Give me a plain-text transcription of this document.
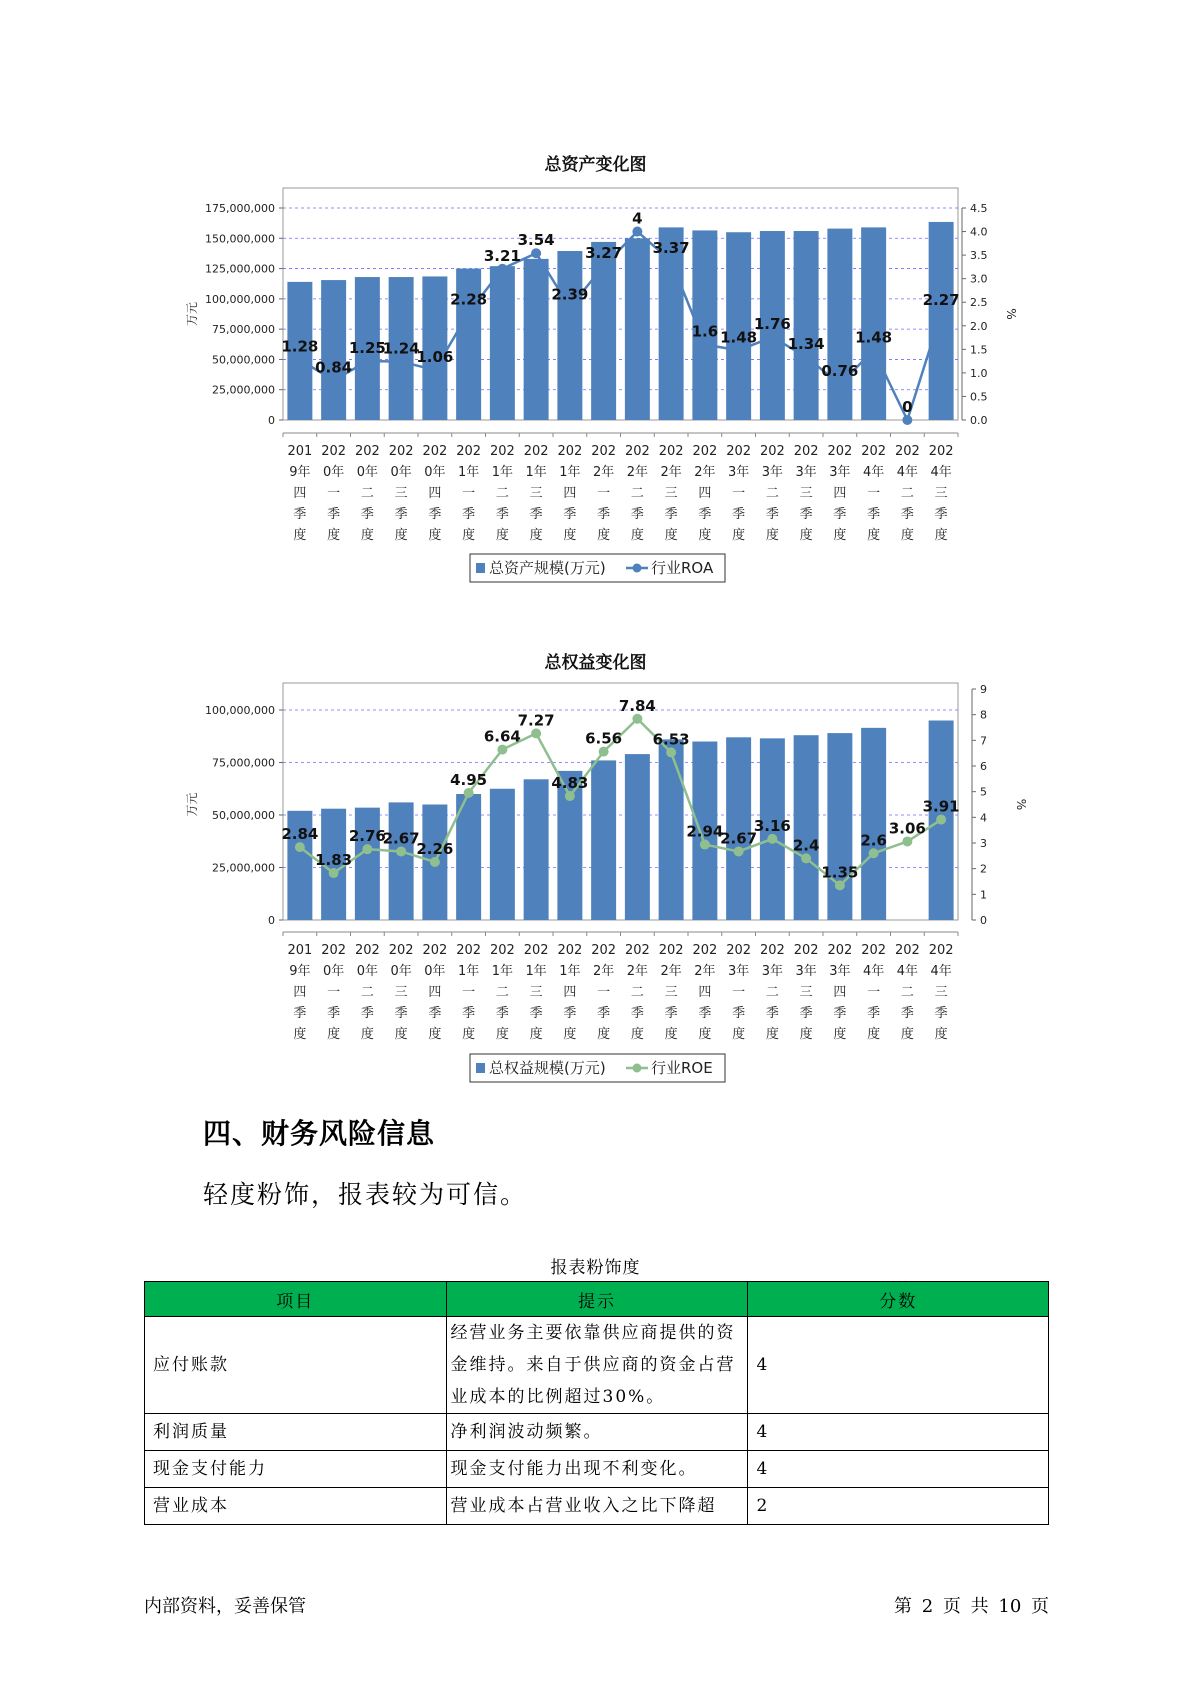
总资产变化图
0
25,000,000
50,000,000
75,000,000
100,000,000
125,000,000
150,000,000
175,000,000
万元
0.0
0.5
1.0
1.5
2.0
2.5
3.0
3.5
4.0
4.5
%
201
9年
四
季
度
202
0年
一
季
度
202
0年
二
季
度
202
0年
三
季
度
202
0年
四
季
度
202
1年
一
季
度
202
1年
二
季
度
202
1年
三
季
度
202
1年
四
季
度
202
2年
一
季
度
202
2年
二
季
度
202
2年
三
季
度
202
2年
四
季
度
202
3年
一
季
度
202
3年
二
季
度
202
3年
三
季
度
202
3年
四
季
度
202
4年
一
季
度
202
4年
二
季
度
202
4年
三
季
度
1.28
0.84
1.25
1.24
1.06
2.28
3.21
3.54
2.39
3.27
4
3.37
1.6 1.48
1.76
1.34
0.76
1.48
0
2.27
总资产规模(万元)	行业ROA
总权益变化图
0
25,000,000
50,000,000
75,000,000
100,000,000
万元
0
1
2
3
4
5
6
7
8
9
%
201
9年
四
季
度
202
0年
一
季
度
202
0年
二
季
度
202
0年
三
季
度
202
0年
四
季
度
202
1年
一
季
度
202
1年
二
季
度
202
1年
三
季
度
202
1年
四
季
度
202
2年
一
季
度
202
2年
二
季
度
202
2年
三
季
度
202
2年
四
季
度
202
3年
一
季
度
202
3年
二
季
度
202
3年
三
季
度
202
3年
四
季
度
202
4年
一
季
度
202
4年
二
季
度
202
4年
三
季
度
2.84
1.83
2.76
2.67
2.26
4.95
6.64
7.27
4.83
6.56
7.84
6.53
2.94
2.67
3.16
2.4
1.35
2.6
3.06
3.91
总权益规模(万元)	行业ROE
四、财务风险信息
轻度粉饰，报表较为可信。
报表粉饰度
项目	提示	分数
应付账款	经营业务主要依靠供应商提供的资金维持。来自于供应商的资金占营业成本的比例超过30%。	4
利润质量	净利润波动频繁。	4
现金支付能力	现金支付能力出现不利变化。	4
营业成本	营业成本占营业收入之比下降超	2
内部资料，妥善保管	第 2 页 共 10 页
